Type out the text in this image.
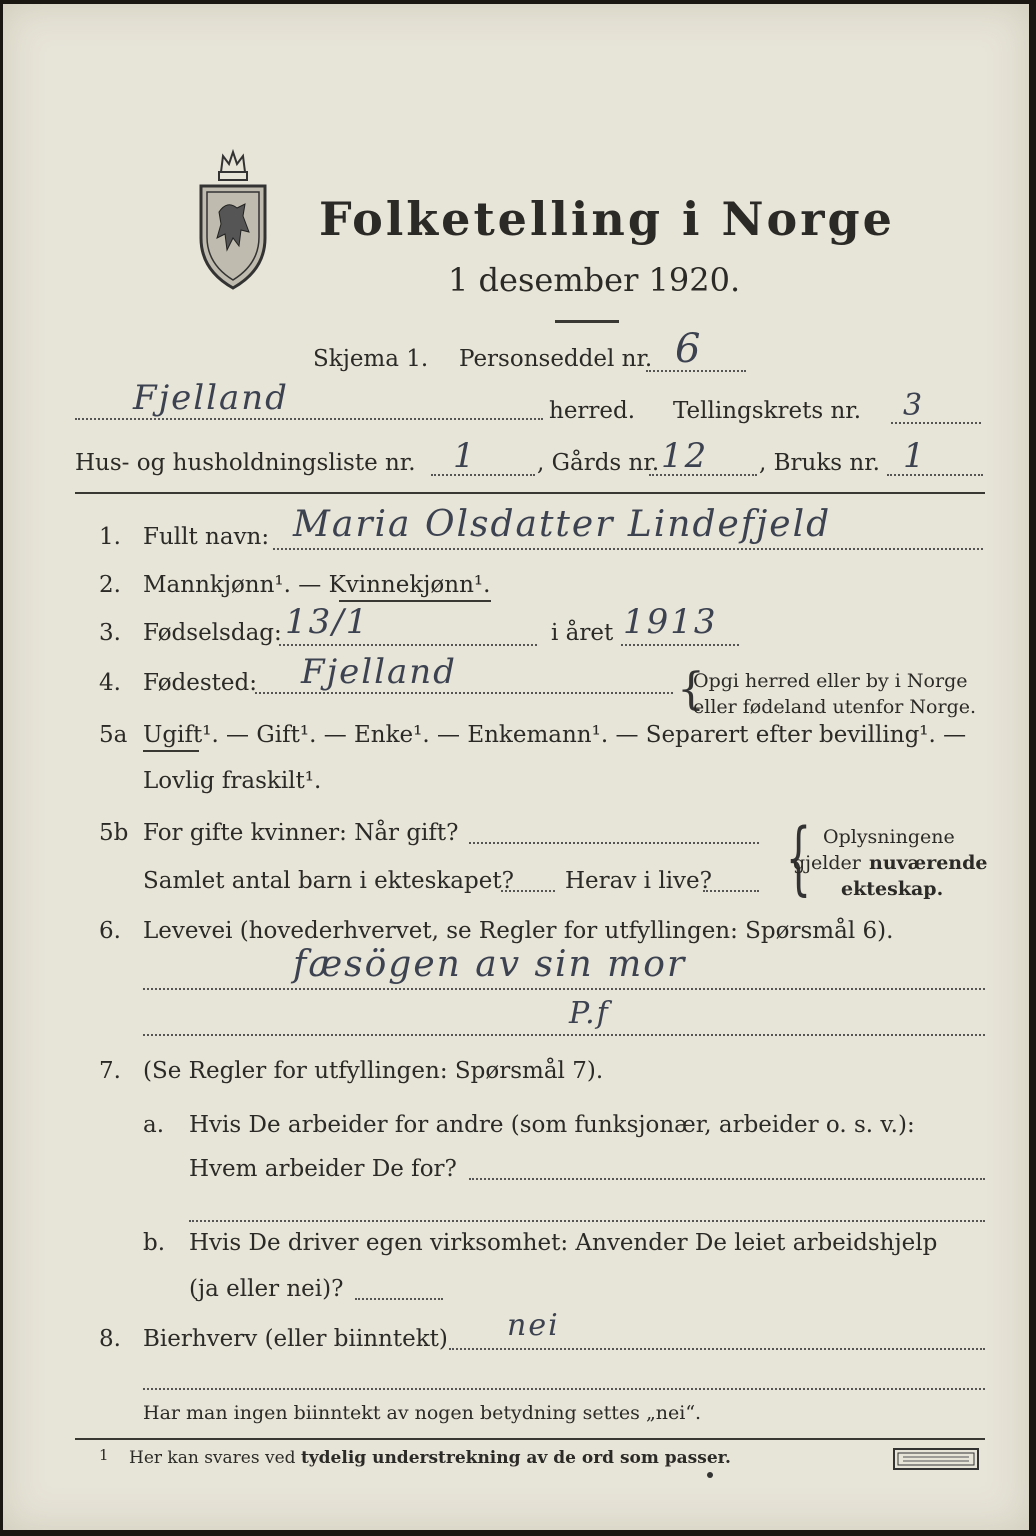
Folketelling i Norge
1 desember 1920.
Skjema 1. Personseddel nr. 6
Fjelland	herred. Tellingskrets nr. 3
Hus- og husholdningsliste nr. 1	, Gårds nr. 12 , Bruks nr. 1
1. Fullt navn: Maria Olsdatter Lindefjeld
2. Mannkjønn¹. — Kvinnekjønn¹.
3. Fødselsdag: 13/1	i året 1913
4. Fødested: Fjelland	{
Opgi herred eller by i Norge
eller fødeland utenfor Norge.
5a Ugift¹. — Gift¹. — Enke¹. — Enkemann¹. — Separert efter bevilling¹. —
Lovlig fraskilt¹.
5b For gifte kvinner: Når gift?
Samlet antal barn i ekteskapet? Herav i live? { Oplysningene
gjelder nuværende
ekteskap.
6. Levevei (hovederhvervet, se Regler for utfyllingen: Spørsmål 6).
fæsögen av sin mor
P.f
7. (Se Regler for utfyllingen: Spørsmål 7).
a. Hvis De arbeider for andre (som funksjonær, arbeider o. s. v.):
Hvem arbeider De for?
b. Hvis De driver egen virksomhet: Anvender De leiet arbeidshjelp
(ja eller nei)?
8. Bierhverv (eller biinntekt) nei
Har man ingen biinntekt av nogen betydning settes „nei“.
1 Her kan svares ved tydelig understrekning av de ord som passer.
